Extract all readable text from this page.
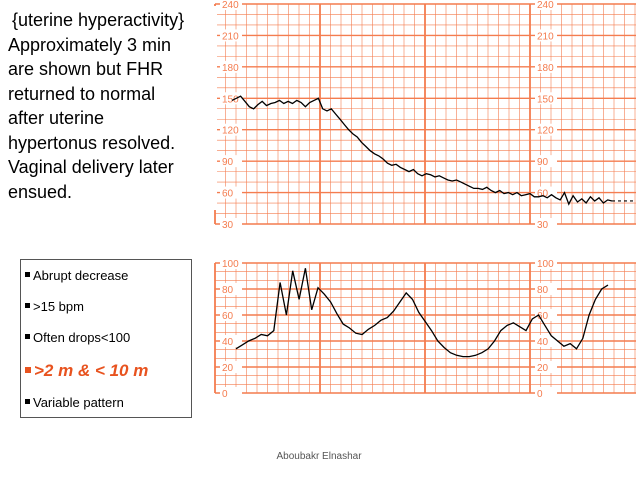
240
210
180
150
120
90
60
30
240
210
180
150
120
90
60
30
100
80
60
40
20
0
100
80
60
40
20
0
{uterine hyperactivity}
Approximately 3 min
are shown but FHR
returned to normal
after uterine
hypertonus resolved.
Vaginal delivery later
ensued.
Abrupt decrease
>15 bpm
Often drops<100
>2 m & < 10 m
Variable pattern
Aboubakr Elnashar
